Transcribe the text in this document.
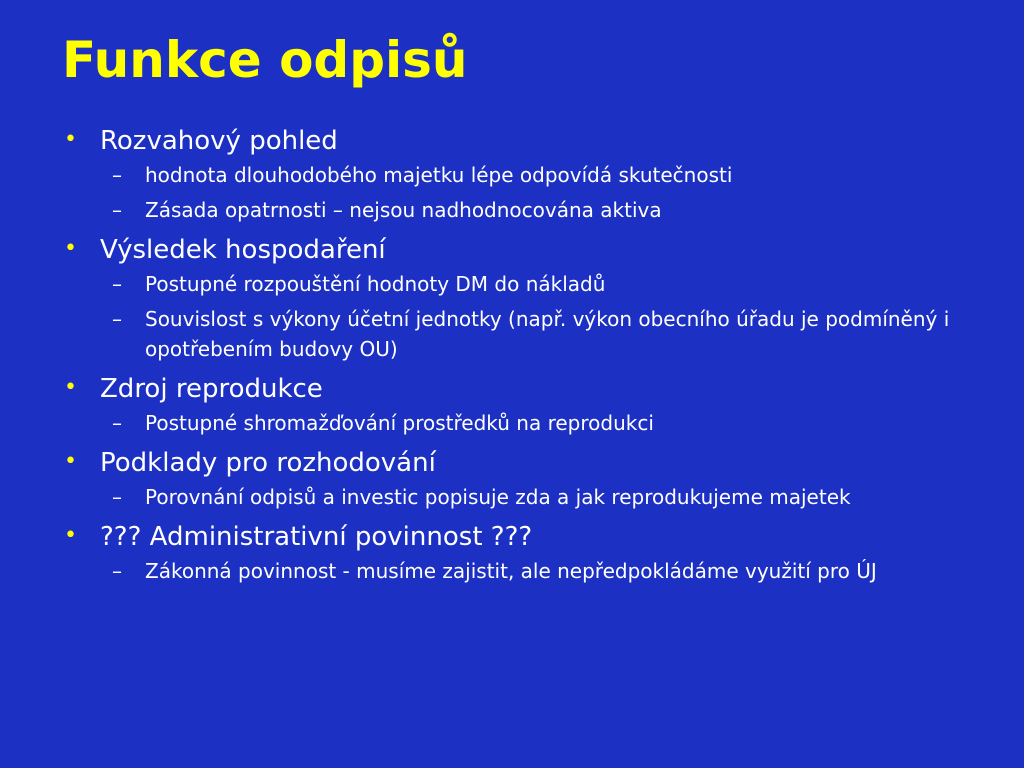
Funkce odpisů
• Rozvahový pohled
– hodnota dlouhodobého majetku lépe odpovídá skutečnosti
– Zásada opatrnosti – nejsou nadhodnocována aktiva
• Výsledek hospodaření
– Postupné rozpouštění hodnoty DM do nákladů
– Souvislost s výkony účetní jednotky (např. výkon obecního úřadu je podmíněný i opotřebením budovy OU)
• Zdroj reprodukce
– Postupné shromažďování prostředků na reprodukci
• Podklady pro rozhodování
– Porovnání odpisů a investic popisuje zda a jak reprodukujeme majetek
• ??? Administrativní povinnost ???
– Zákonná povinnost - musíme zajistit, ale nepředpokládáme využití pro ÚJ
